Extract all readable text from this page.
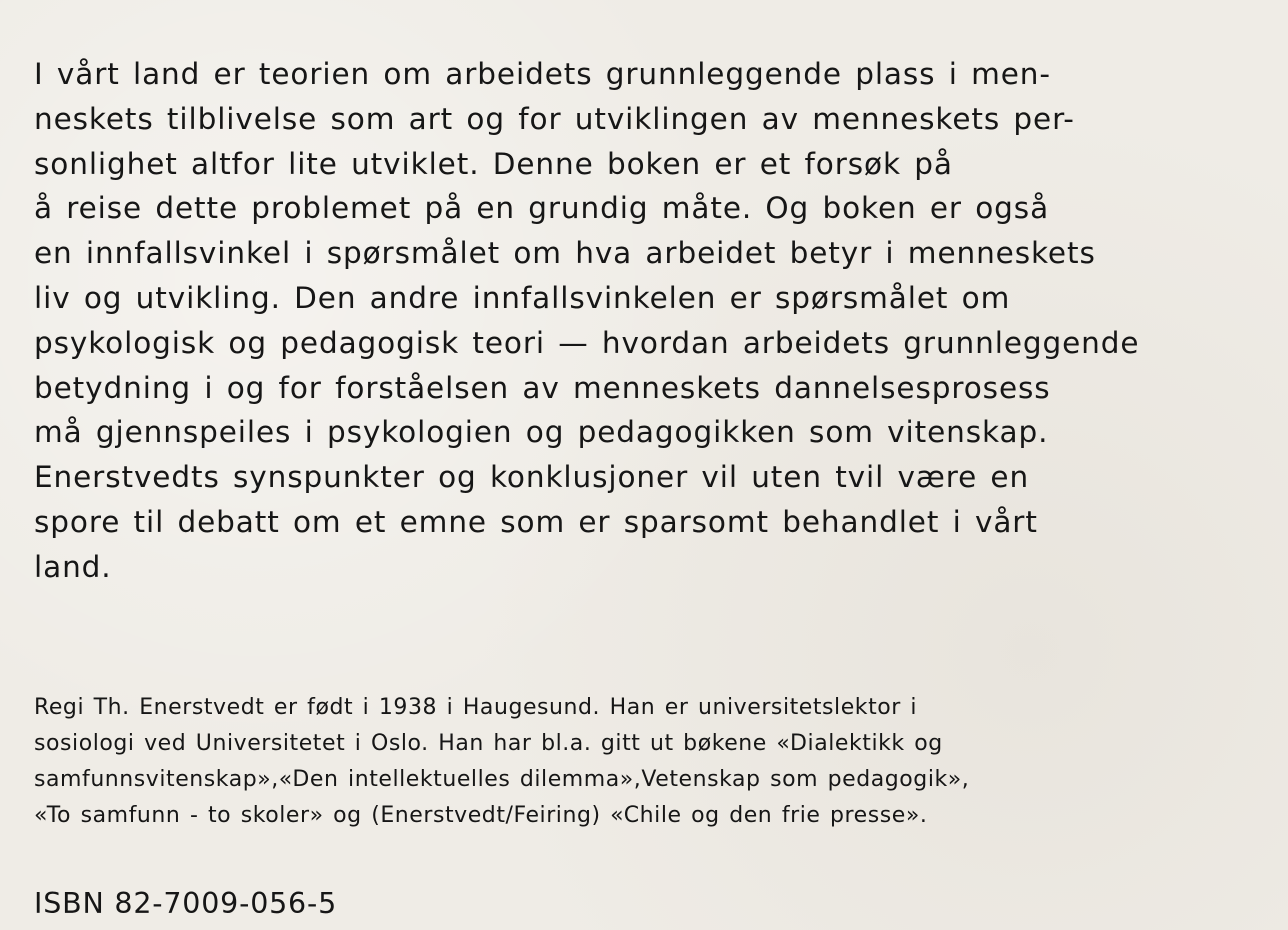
I vårt land er teorien om arbeidets grunnleggende plass i men-
neskets tilblivelse som art og for utviklingen av menneskets per-
sonlighet altfor lite utviklet. Denne boken er et forsøk på
å reise dette problemet på en grundig måte. Og boken er også
en innfallsvinkel i spørsmålet om hva arbeidet betyr i menneskets
liv og utvikling. Den andre innfallsvinkelen er spørsmålet om
psykologisk og pedagogisk teori — hvordan arbeidets grunnleggende
betydning i og for forståelsen av menneskets dannelsesprosess
må gjennspeiles i psykologien og pedagogikken som vitenskap.
Enerstvedts synspunkter og konklusjoner vil uten tvil være en
spore til debatt om et emne som er sparsomt behandlet i vårt
land.
Regi Th. Enerstvedt er født i 1938 i Haugesund. Han er universitetslektor i
sosiologi ved Universitetet i Oslo. Han har bl.a. gitt ut bøkene «Dialektikk og
samfunnsvitenskap»,«Den intellektuelles dilemma»,Vetenskap som pedagogik»,
«To samfunn - to skoler» og (Enerstvedt/Feiring) «Chile og den frie presse».
ISBN 82-7009-056-5
